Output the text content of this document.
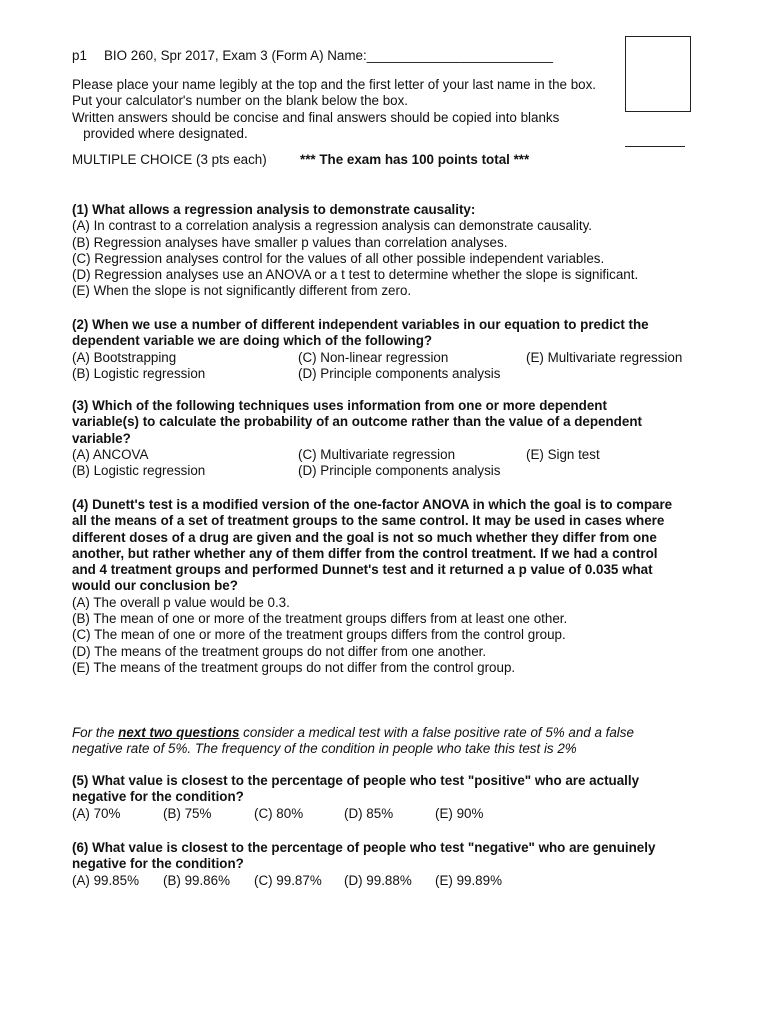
p1 BIO 260, Spr 2017, Exam 3 (Form A) Name:_________________________
Please place your name legibly at the top and the first letter of your last name in the box.
Put your calculator's number on the blank below the box.
Written answers should be concise and final answers should be copied into blanks
provided where designated.
MULTIPLE CHOICE (3 pts each) *** The exam has 100 points total ***
(1) What allows a regression analysis to demonstrate causality:
(A) In contrast to a correlation analysis a regression analysis can demonstrate causality.
(B) Regression analyses have smaller p values than correlation analyses.
(C) Regression analyses control for the values of all other possible independent variables.
(D) Regression analyses use an ANOVA or a t test to determine whether the slope is significant.
(E) When the slope is not significantly different from zero.
(2) When we use a number of different independent variables in our equation to predict the
dependent variable we are doing which of the following?
(A) Bootstrapping	(C) Non-linear regression	(E) Multivariate regression
(B) Logistic regression	(D) Principle components analysis
(3) Which of the following techniques uses information from one or more dependent
variable(s) to calculate the probability of an outcome rather than the value of a dependent
variable?
(A) ANCOVA	(C) Multivariate regression	(E) Sign test
(B) Logistic regression	(D) Principle components analysis
(4) Dunett's test is a modified version of the one-factor ANOVA in which the goal is to compare
all the means of a set of treatment groups to the same control. It may be used in cases where
different doses of a drug are given and the goal is not so much whether they differ from one
another, but rather whether any of them differ from the control treatment. If we had a control
and 4 treatment groups and performed Dunnet's test and it returned a p value of 0.035 what
would our conclusion be?
(A) The overall p value would be 0.3.
(B) The mean of one or more of the treatment groups differs from at least one other.
(C) The mean of one or more of the treatment groups differs from the control group.
(D) The means of the treatment groups do not differ from one another.
(E) The means of the treatment groups do not differ from the control group.
For the next two questions consider a medical test with a false positive rate of 5% and a false
negative rate of 5%. The frequency of the condition in people who take this test is 2%
(5) What value is closest to the percentage of people who test "positive" who are actually
negative for the condition?
(A) 70%	(B) 75%	(C) 80%	(D) 85%	(E) 90%
(6) What value is closest to the percentage of people who test "negative" who are genuinely
negative for the condition?
(A) 99.85% (B) 99.86% (C) 99.87% (D) 99.88% (E) 99.89%
